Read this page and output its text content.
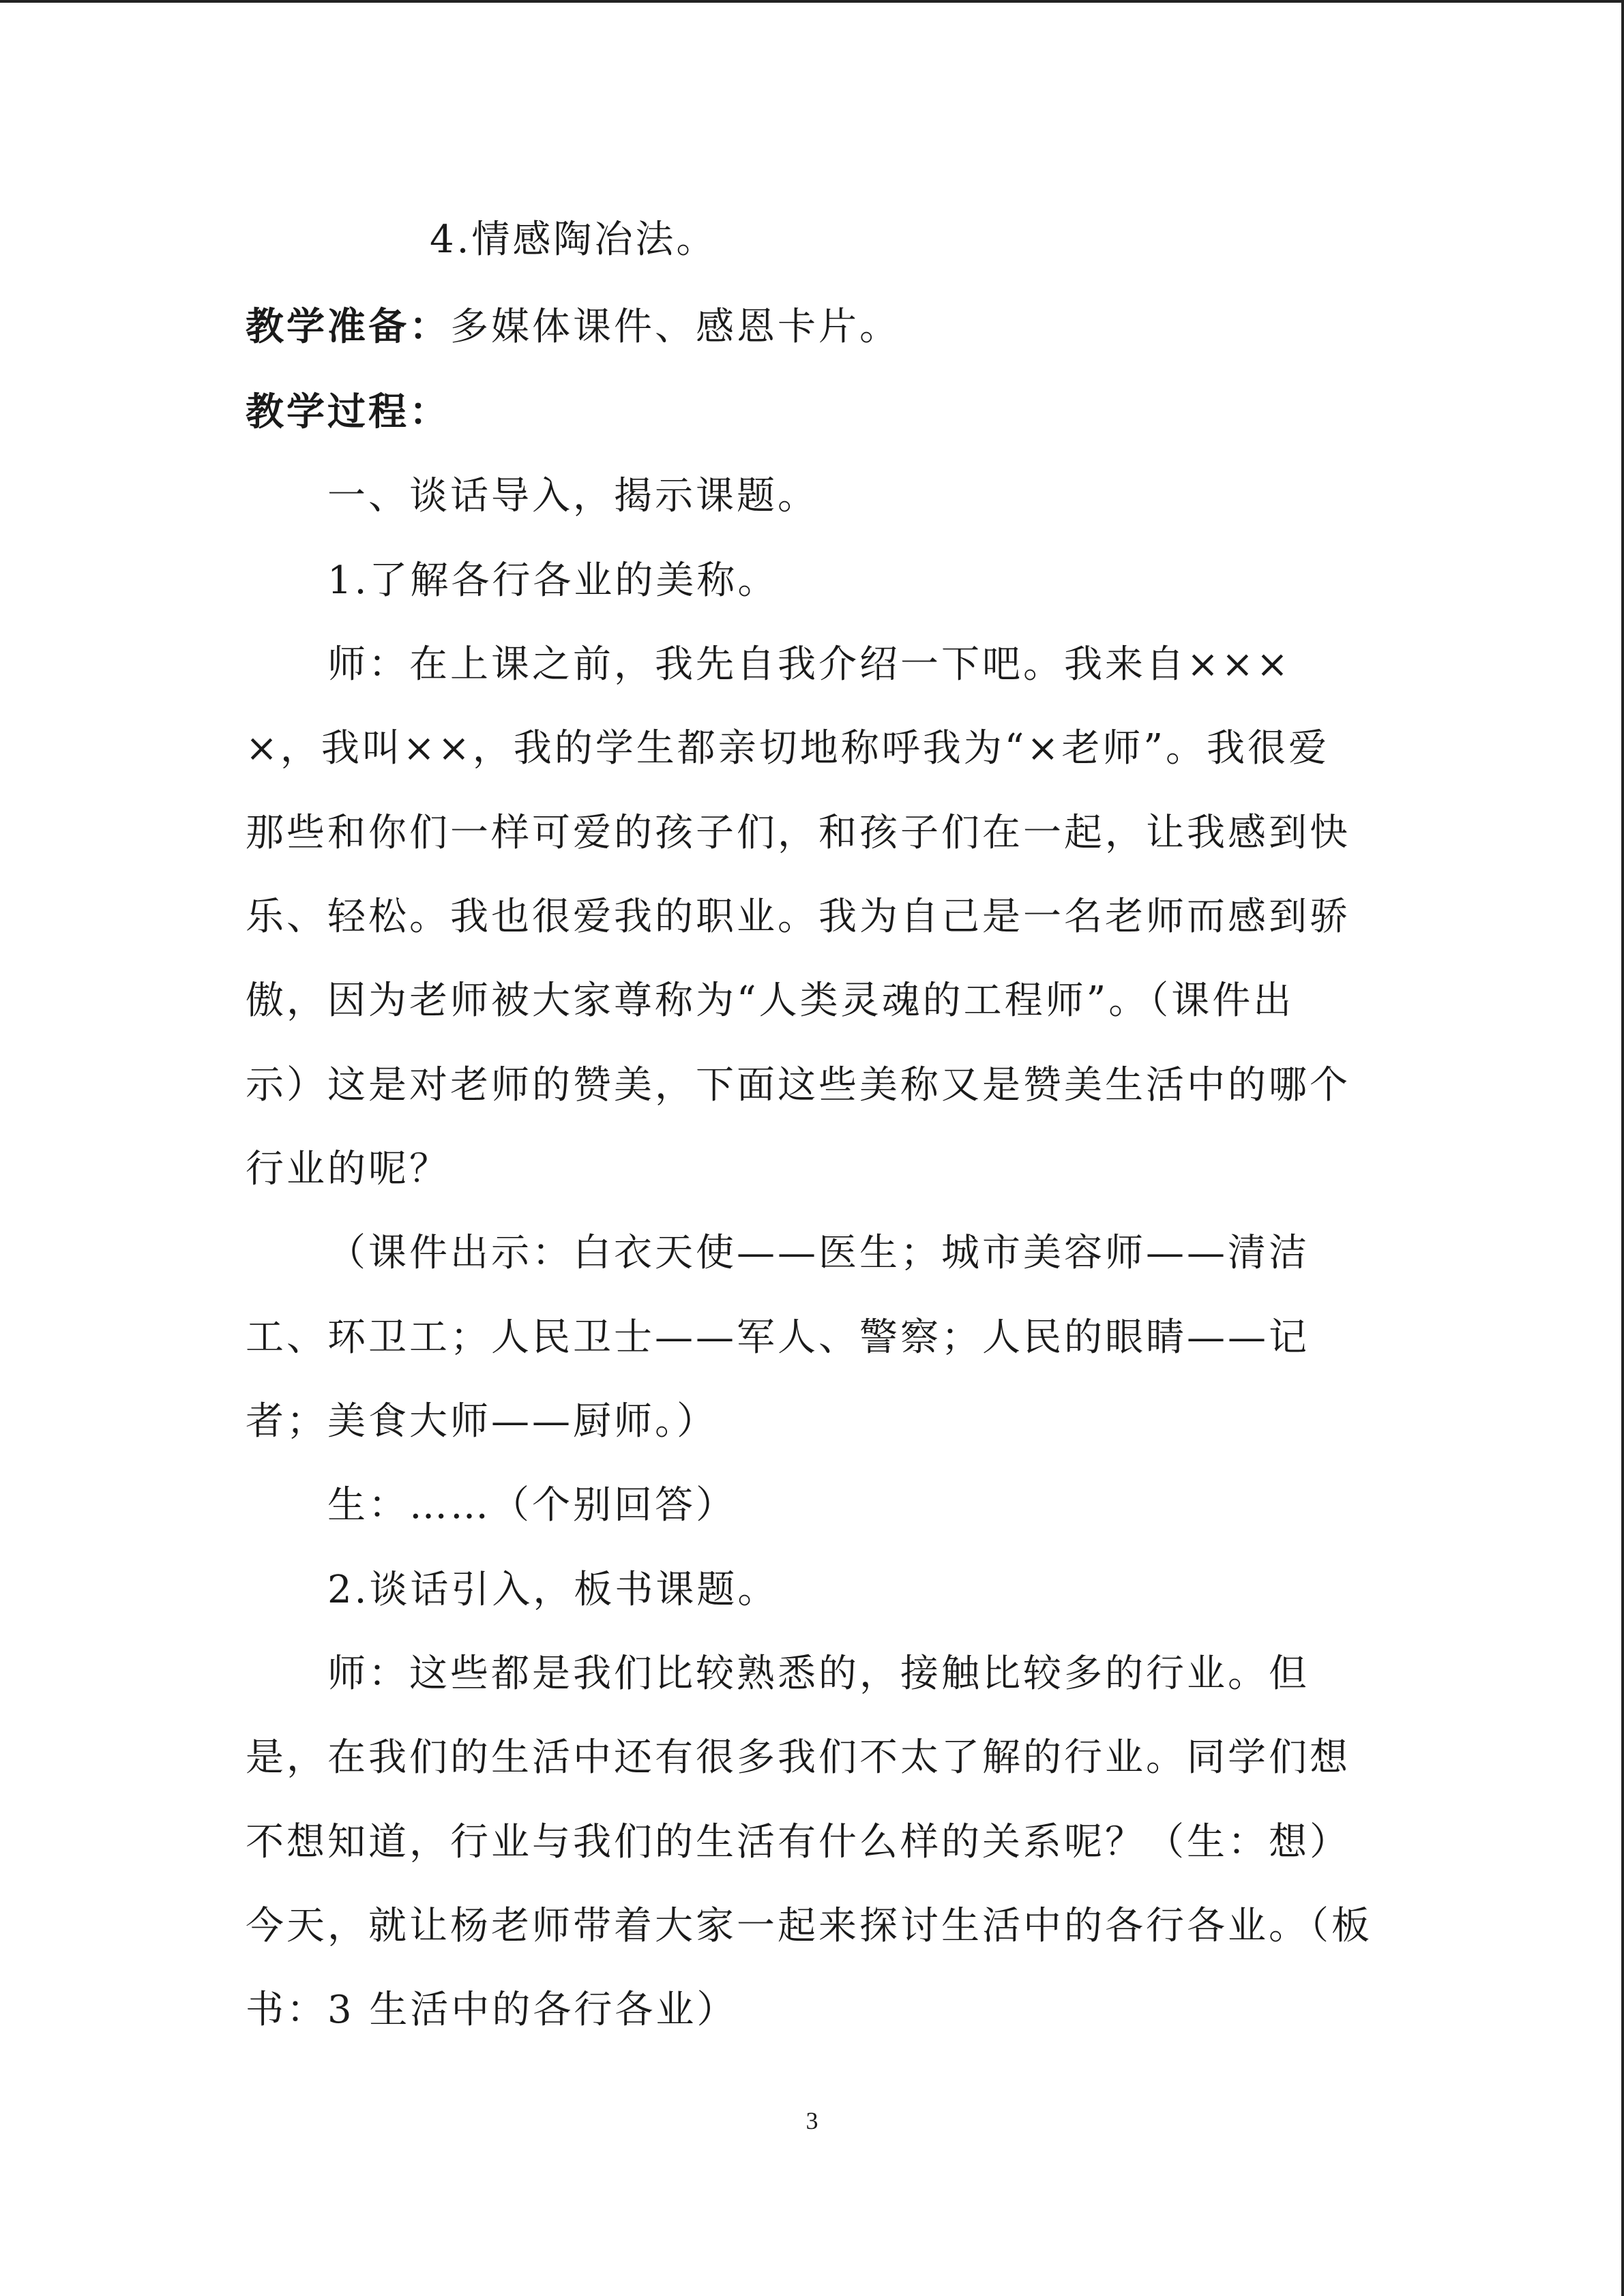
4.情感陶冶法。
教学准备：多媒体课件、感恩卡片。
教学过程：
一、谈话导入，揭示课题。
1.了解各行各业的美称。
师：在上课之前，我先自我介绍一下吧。我来自×××
×，我叫××，我的学生都亲切地称呼我为“×老师”。我很爱
那些和你们一样可爱的孩子们，和孩子们在一起，让我感到快
乐、轻松。我也很爱我的职业。我为自己是一名老师而感到骄
傲，因为老师被大家尊称为“人类灵魂的工程师”。（课件出
示）这是对老师的赞美，下面这些美称又是赞美生活中的哪个
行业的呢？
（课件出示：白衣天使——医生；城市美容师——清洁
工、环卫工；人民卫士——军人、警察；人民的眼睛——记
者；美食大师——厨师。）
生：……（个别回答）
2.谈话引入，板书课题。
师：这些都是我们比较熟悉的，接触比较多的行业。但
是，在我们的生活中还有很多我们不太了解的行业。同学们想
不想知道，行业与我们的生活有什么样的关系呢？（生：想）
今天，就让杨老师带着大家一起来探讨生活中的各行各业。（板
书：3 生活中的各行各业）
3
